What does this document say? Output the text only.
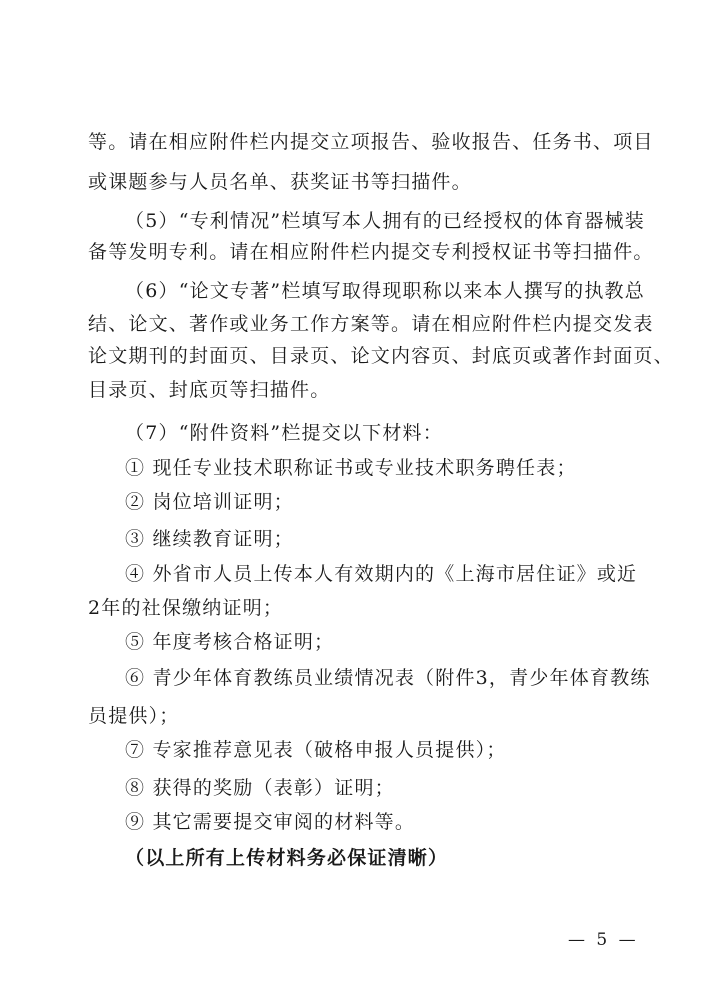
等。请在相应附件栏内提交立项报告、验收报告、任务书、项目
或课题参与人员名单、获奖证书等扫描件。
（5）“专利情况”栏填写本人拥有的已经授权的体育器械装
备等发明专利。请在相应附件栏内提交专利授权证书等扫描件。
（6）“论文专著”栏填写取得现职称以来本人撰写的执教总
结、论文、著作或业务工作方案等。请在相应附件栏内提交发表
论文期刊的封面页、目录页、论文内容页、封底页或著作封面页、
目录页、封底页等扫描件。
（7）“附件资料”栏提交以下材料：
① 现任专业技术职称证书或专业技术职务聘任表；
② 岗位培训证明；
③ 继续教育证明；
④ 外省市人员上传本人有效期内的《上海市居住证》或近
2年的社保缴纳证明；
⑤ 年度考核合格证明；
⑥ 青少年体育教练员业绩情况表（附件3，青少年体育教练
员提供）；
⑦ 专家推荐意见表（破格申报人员提供）；
⑧ 获得的奖励（表彰）证明；
⑨ 其它需要提交审阅的材料等。
（以上所有上传材料务必保证清晰）
— 5 —
